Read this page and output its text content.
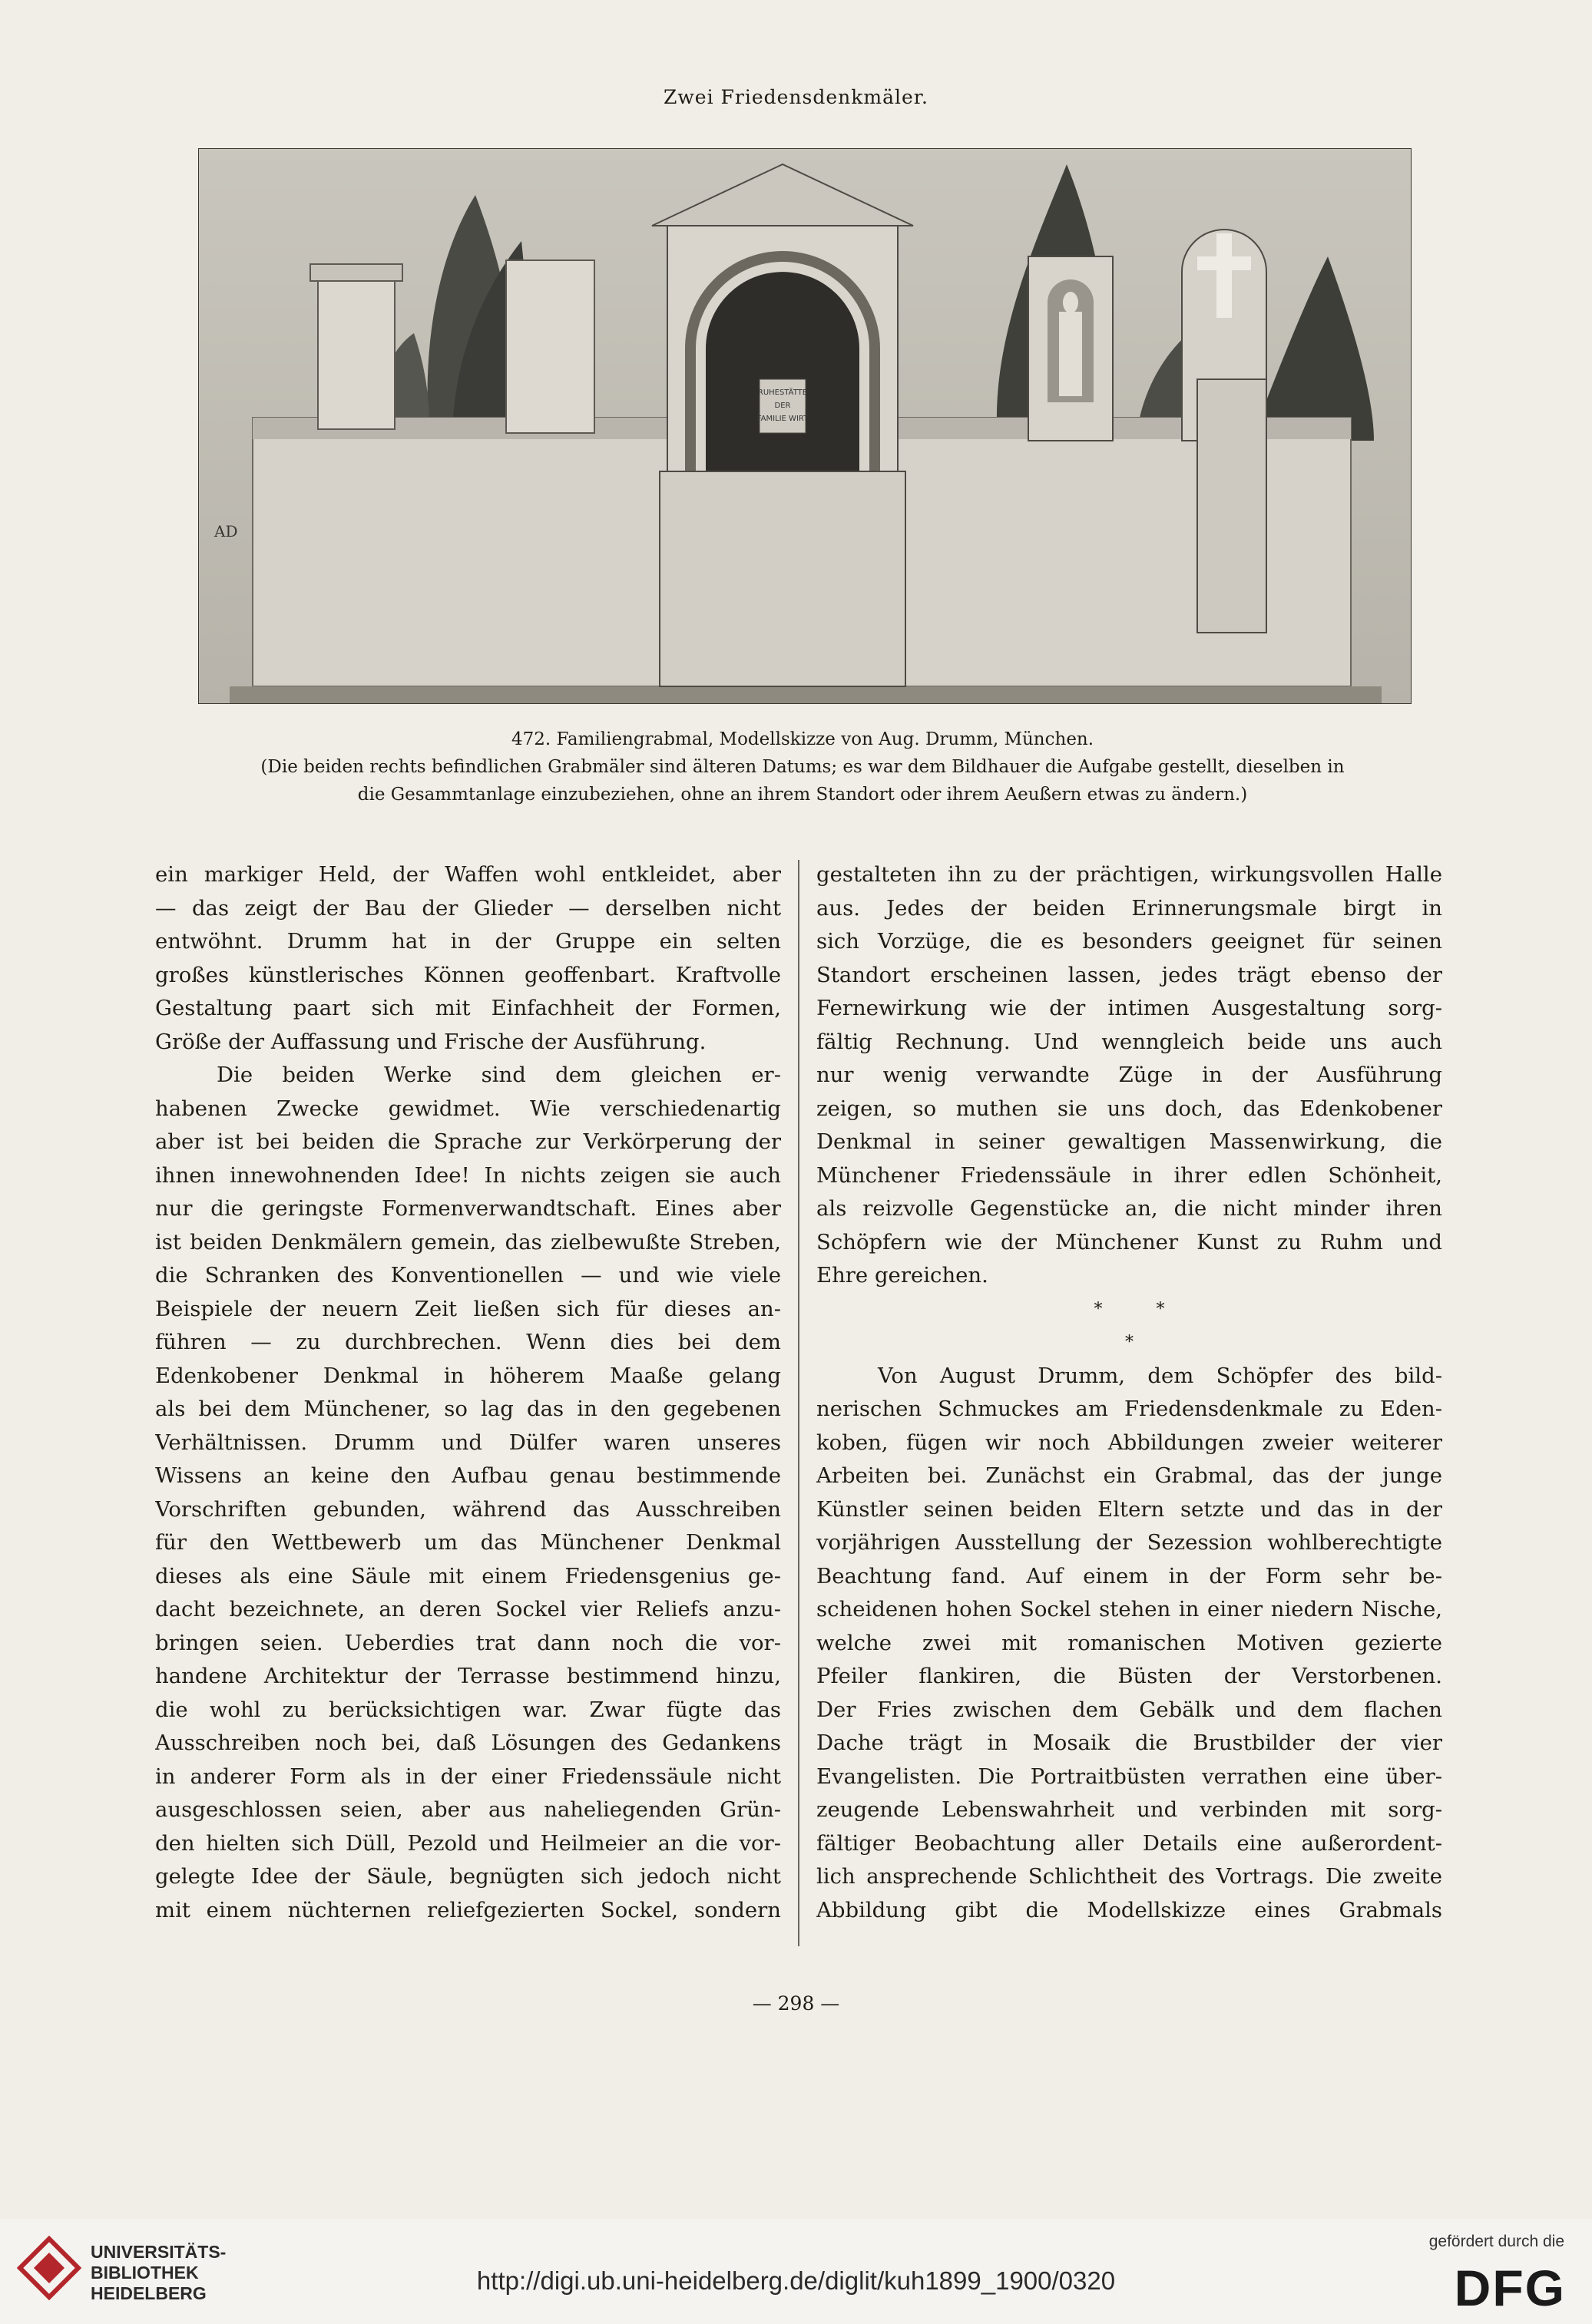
Zwei Friedensdenkmäler.
RUHESTÄTTE
DER
FAMILIE WIRT
AD
472. Familiengrabmal, Modellskizze von Aug. Drumm, München.
(Die beiden rechts befindlichen Grabmäler sind älteren Datums; es war dem Bildhauer die Aufgabe gestellt, dieselben in
die Gesammtanlage einzubeziehen, ohne an ihrem Standort oder ihrem Aeußern etwas zu ändern.)
ein markiger Held, der Waffen wohl entkleidet, aber
— das zeigt der Bau der Glieder — derselben nicht
entwöhnt. Drumm hat in der Gruppe ein selten
großes künstlerisches Können geoffenbart. Kraftvolle
Gestaltung paart sich mit Einfachheit der Formen,
Größe der Auffassung und Frische der Ausführung.
Die beiden Werke sind dem gleichen er-
habenen Zwecke gewidmet. Wie verschiedenartig
aber ist bei beiden die Sprache zur Verkörperung der
ihnen innewohnenden Idee! In nichts zeigen sie auch
nur die geringste Formenverwandtschaft. Eines aber
ist beiden Denkmälern gemein, das zielbewußte Streben,
die Schranken des Konventionellen — und wie viele
Beispiele der neuern Zeit ließen sich für dieses an-
führen — zu durchbrechen. Wenn dies bei dem
Edenkobener Denkmal in höherem Maaße gelang
als bei dem Münchener, so lag das in den gegebenen
Verhältnissen. Drumm und Dülfer waren unseres
Wissens an keine den Aufbau genau bestimmende
Vorschriften gebunden, während das Ausschreiben
für den Wettbewerb um das Münchener Denkmal
dieses als eine Säule mit einem Friedensgenius ge-
dacht bezeichnete, an deren Sockel vier Reliefs anzu-
bringen seien. Ueberdies trat dann noch die vor-
handene Architektur der Terrasse bestimmend hinzu,
die wohl zu berücksichtigen war. Zwar fügte das
Ausschreiben noch bei, daß Lösungen des Gedankens
in anderer Form als in der einer Friedenssäule nicht
ausgeschlossen seien, aber aus naheliegenden Grün-
den hielten sich Düll, Pezold und Heilmeier an die vor-
gelegte Idee der Säule, begnügten sich jedoch nicht
mit einem nüchternen reliefgezierten Sockel, sondern
gestalteten ihn zu der prächtigen, wirkungsvollen Halle
aus. Jedes der beiden Erinnerungsmale birgt in
sich Vorzüge, die es besonders geeignet für seinen
Standort erscheinen lassen, jedes trägt ebenso der
Fernewirkung wie der intimen Ausgestaltung sorg-
fältig Rechnung. Und wenngleich beide uns auch
nur wenig verwandte Züge in der Ausführung
zeigen, so muthen sie uns doch, das Edenkobener
Denkmal in seiner gewaltigen Massenwirkung, die
Münchener Friedenssäule in ihrer edlen Schönheit,
als reizvolle Gegenstücke an, die nicht minder ihren
Schöpfern wie der Münchener Kunst zu Ruhm und
Ehre gereichen.
*          *
*
Von August Drumm, dem Schöpfer des bild-
nerischen Schmuckes am Friedensdenkmale zu Eden-
koben, fügen wir noch Abbildungen zweier weiterer
Arbeiten bei. Zunächst ein Grabmal, das der junge
Künstler seinen beiden Eltern setzte und das in der
vorjährigen Ausstellung der Sezession wohlberechtigte
Beachtung fand. Auf einem in der Form sehr be-
scheidenen hohen Sockel stehen in einer niedern Nische,
welche zwei mit romanischen Motiven gezierte
Pfeiler flankiren, die Büsten der Verstorbenen.
Der Fries zwischen dem Gebälk und dem flachen
Dache trägt in Mosaik die Brustbilder der vier
Evangelisten. Die Portraitbüsten verrathen eine über-
zeugende Lebenswahrheit und verbinden mit sorg-
fältiger Beobachtung aller Details eine außerordent-
lich ansprechende Schlichtheit des Vortrags. Die zweite
Abbildung gibt die Modellskizze eines Grabmals
— 298 —
UNIVERSITÄTS-
BIBLIOTHEK
HEIDELBERG	http://digi.ub.uni-heidelberg.de/diglit/kuh1899_1900/0320
gefördert durch die
DFG
